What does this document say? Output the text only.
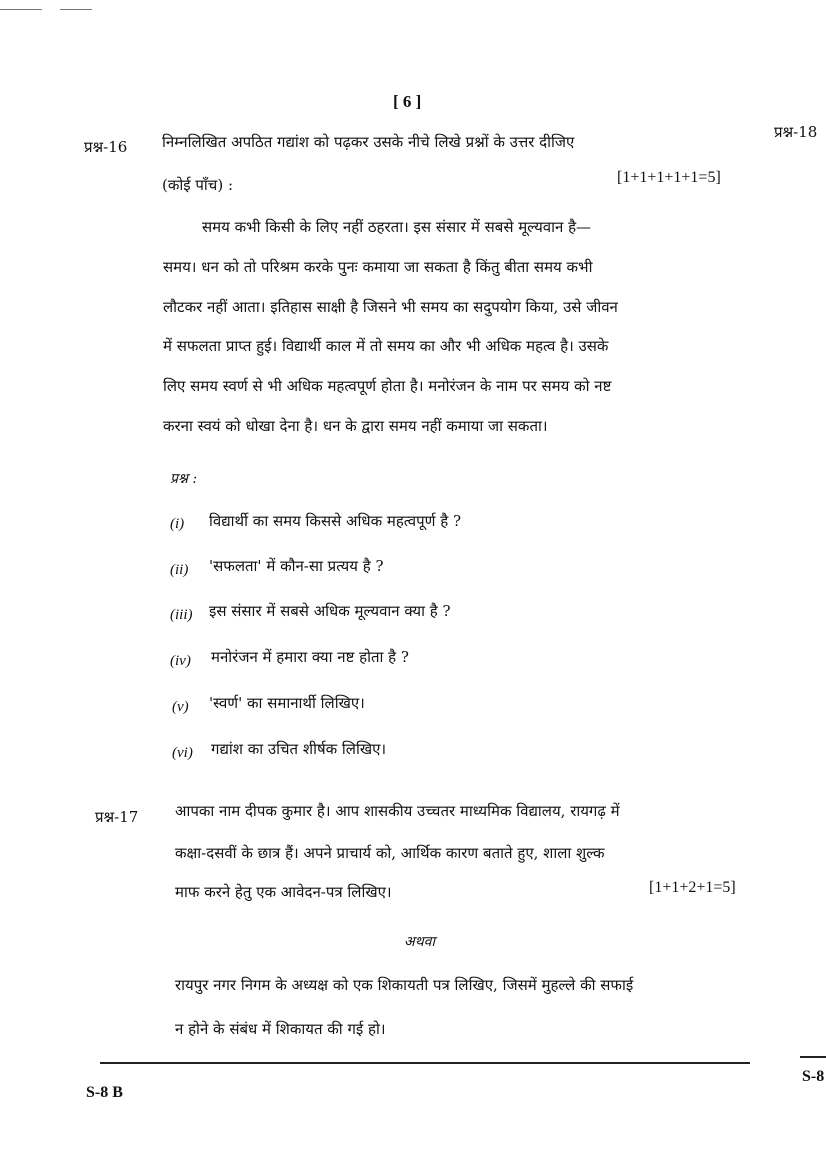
[ 6 ]
प्रश्न-18
प्रश्न-16 निम्नलिखित अपठित गद्यांश को पढ़कर उसके नीचे लिखे प्रश्नों के उत्तर दीजिए
(कोई पाँच) :	[1+1+1+1+1=5]
समय कभी किसी के लिए नहीं ठहरता। इस संसार में सबसे मूल्यवान है—
समय। धन को तो परिश्रम करके पुनः कमाया जा सकता है किंतु बीता समय कभी
लौटकर नहीं आता। इतिहास साक्षी है जिसने भी समय का सदुपयोग किया, उसे जीवन
में सफलता प्राप्त हुई। विद्यार्थी काल में तो समय का और भी अधिक महत्व है। उसके
लिए समय स्वर्ण से भी अधिक महत्वपूर्ण होता है। मनोरंजन के नाम पर समय को नष्ट
करना स्वयं को धोखा देना है। धन के द्वारा समय नहीं कमाया जा सकता।
प्रश्न :
(i) विद्यार्थी का समय किससे अधिक महत्वपूर्ण है ?
(ii) 'सफलता' में कौन-सा प्रत्यय है ?
(iii) इस संसार में सबसे अधिक मूल्यवान क्या है ?
(iv) मनोरंजन में हमारा क्या नष्ट होता है ?
(v) 'स्वर्ण' का समानार्थी लिखिए।
(vi) गद्यांश का उचित शीर्षक लिखिए।
प्रश्न-17 आपका नाम दीपक कुमार है। आप शासकीय उच्चतर माध्यमिक विद्यालय, रायगढ़ में
कक्षा-दसवीं के छात्र हैं। अपने प्राचार्य को, आर्थिक कारण बताते हुए, शाला शुल्क
माफ करने हेतु एक आवेदन-पत्र लिखिए।	[1+1+2+1=5]
अथवा
रायपुर नगर निगम के अध्यक्ष को एक शिकायती पत्र लिखिए, जिसमें मुहल्ले की सफाई
न होने के संबंध में शिकायत की गई हो।
S-8 B
S-8
